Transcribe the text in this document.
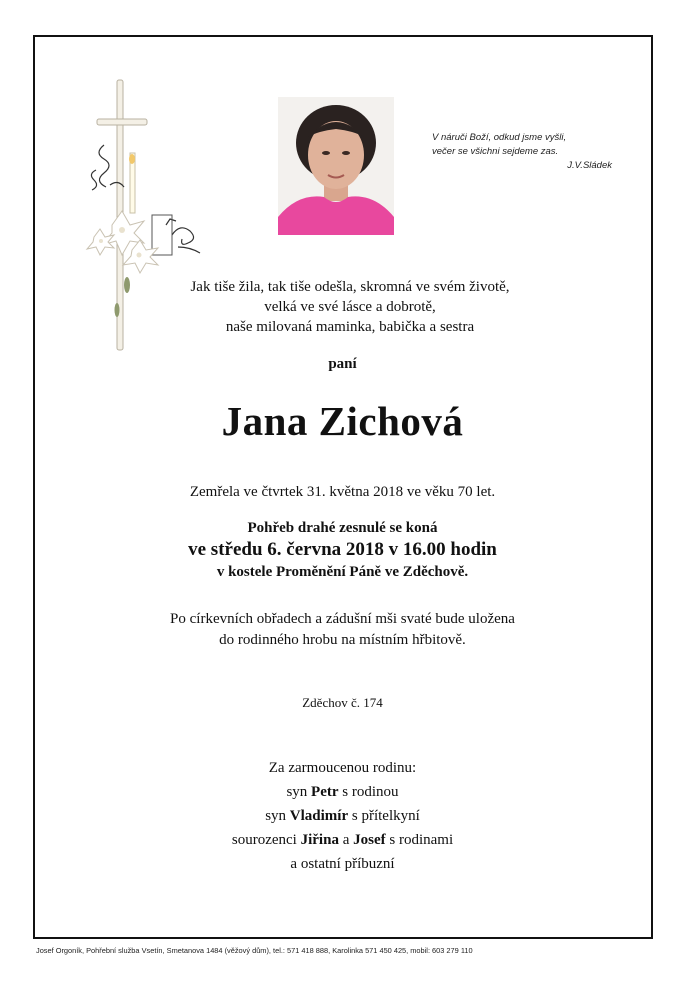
V náruči Boží, odkud jsme vyšli,
večer se všichni sejdeme zas.
J.V.Sládek
Jak tiše žila, tak tiše odešla, skromná ve svém životě,
velká ve své lásce a dobrotě,
naše milovaná maminka, babička a sestra
paní
Jana Zichová
Zemřela ve čtvrtek 31. května 2018 ve věku 70 let.
Pohřeb drahé zesnulé se koná
ve středu 6. června 2018 v 16.00 hodin
v kostele Proměnění Páně ve Zděchově.
Po církevních obřadech a zádušní mši svaté bude uložena
do rodinného hrobu na místním hřbitově.
Zděchov č. 174
Za zarmoucenou rodinu:
syn Petr s rodinou
syn Vladimír s přítelkyní
sourozenci Jiřina a Josef s rodinami
a ostatní příbuzní
Josef Orgoník, Pohřební služba Vsetín, Smetanova 1484 (věžový dům), tel.: 571 418 888, Karolinka 571 450 425, mobil: 603 279 110
